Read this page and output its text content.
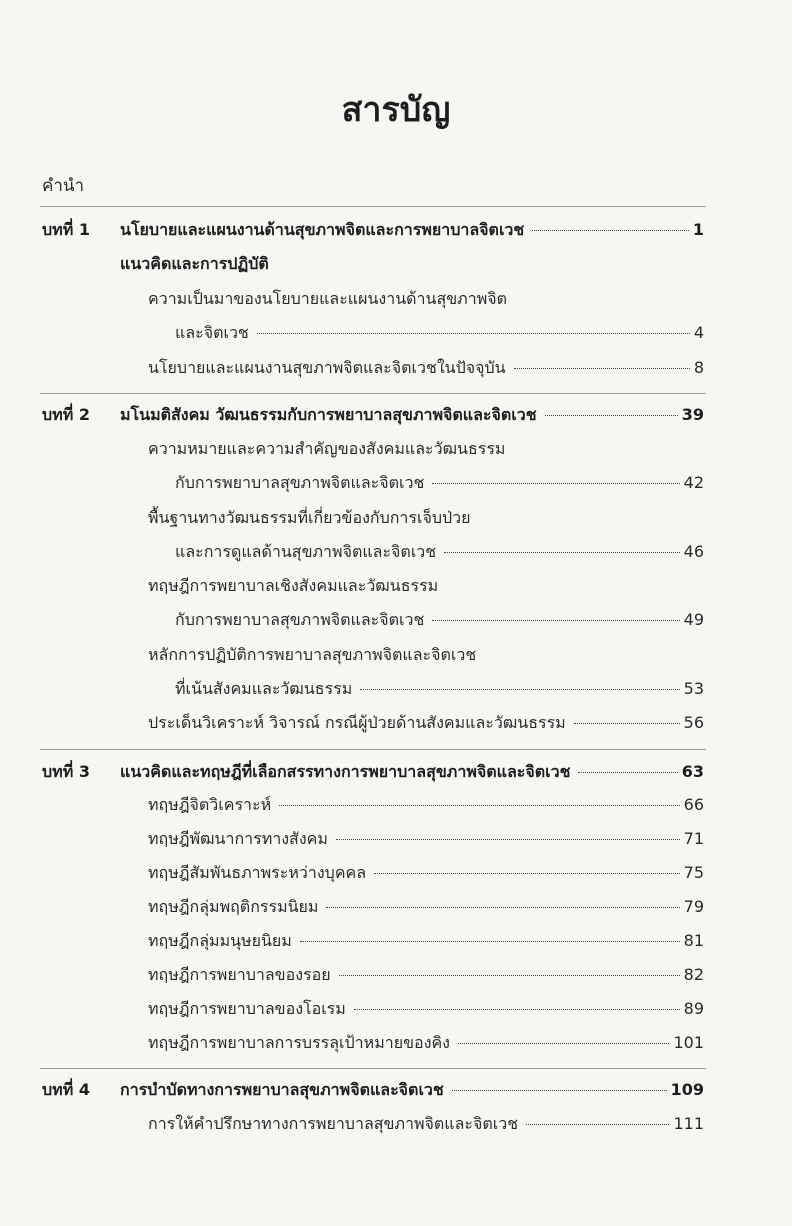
สารบัญ
คำนำ
บทที่ 1 นโยบายและแผนงานด้านสุขภาพจิตและการพยาบาลจิตเวช	1
แนวคิดและการปฏิบัติ
ความเป็นมาของนโยบายและแผนงานด้านสุขภาพจิต
และจิตเวช	4
นโยบายและแผนงานสุขภาพจิตและจิตเวชในปัจจุบัน	8
บทที่ 2 มโนมติสังคม วัฒนธรรมกับการพยาบาลสุขภาพจิตและจิตเวช	39
ความหมายและความสำคัญของสังคมและวัฒนธรรม
กับการพยาบาลสุขภาพจิตและจิตเวช	42
พื้นฐานทางวัฒนธรรมที่เกี่ยวข้องกับการเจ็บป่วย
และการดูแลด้านสุขภาพจิตและจิตเวช	46
ทฤษฎีการพยาบาลเชิงสังคมและวัฒนธรรม
กับการพยาบาลสุขภาพจิตและจิตเวช	49
หลักการปฏิบัติการพยาบาลสุขภาพจิตและจิตเวช
ที่เน้นสังคมและวัฒนธรรม	53
ประเด็นวิเคราะห์ วิจารณ์ กรณีผู้ป่วยด้านสังคมและวัฒนธรรม	56
บทที่ 3 แนวคิดและทฤษฎีที่เลือกสรรทางการพยาบาลสุขภาพจิตและจิตเวช	63
ทฤษฎีจิตวิเคราะห์	66
ทฤษฎีพัฒนาการทางสังคม	71
ทฤษฎีสัมพันธภาพระหว่างบุคคล	75
ทฤษฎีกลุ่มพฤติกรรมนิยม	79
ทฤษฎีกลุ่มมนุษยนิยม	81
ทฤษฎีการพยาบาลของรอย	82
ทฤษฎีการพยาบาลของโอเรม	89
ทฤษฎีการพยาบาลการบรรลุเป้าหมายของคิง	101
บทที่ 4 การบำบัดทางการพยาบาลสุขภาพจิตและจิตเวช	109
การให้คำปรึกษาทางการพยาบาลสุขภาพจิตและจิตเวช	111
